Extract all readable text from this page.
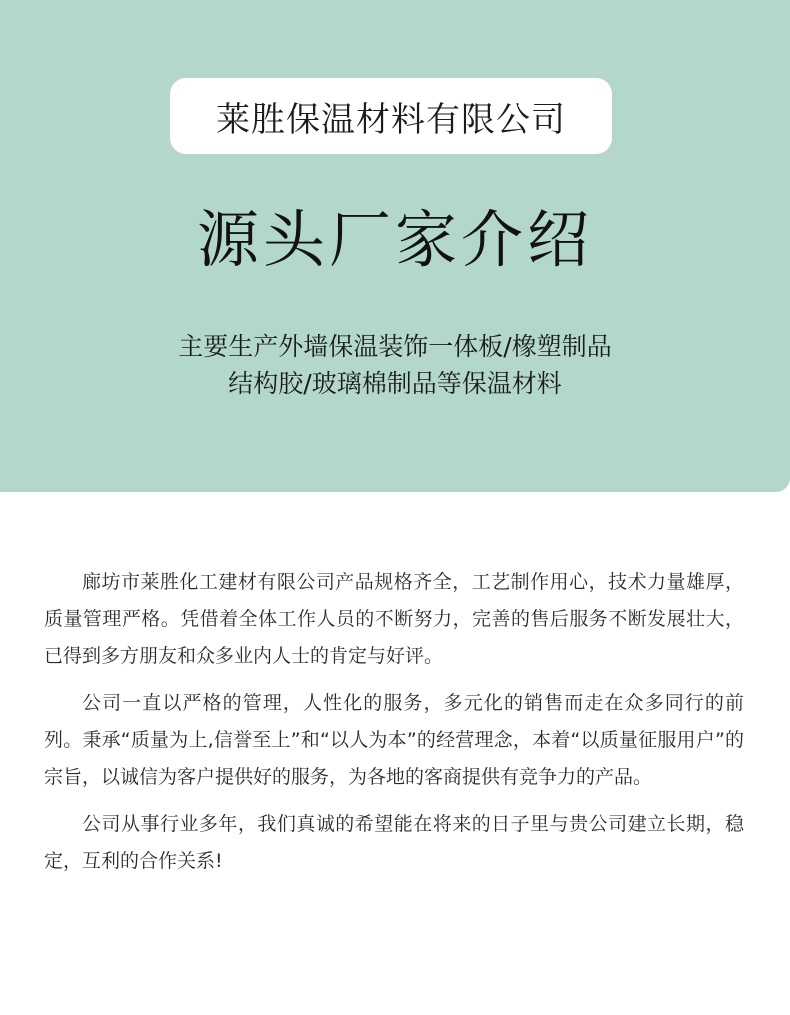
莱胜保温材料有限公司
源头厂家介绍
主要生产外墙保温装饰一体板/橡塑制品
结构胶/玻璃棉制品等保温材料

廊坊市莱胜化工建材有限公司产品规格齐全，工艺制作用心，技术力量雄厚，质量管理严格。凭借着全体工作人员的不断努力，完善的售后服务不断发展壮大，已得到多方朋友和众多业内人士的肯定与好评。

公司一直以严格的管理，人性化的服务，多元化的销售而走在众多同行的前列。秉承“质量为上,信誉至上”和“以人为本”的经营理念，本着“以质量征服用户”的宗旨，以诚信为客户提供好的服务，为各地的客商提供有竞争力的产品。

公司从事行业多年，我们真诚的希望能在将来的日子里与贵公司建立长期，稳定，互利的合作关系!
